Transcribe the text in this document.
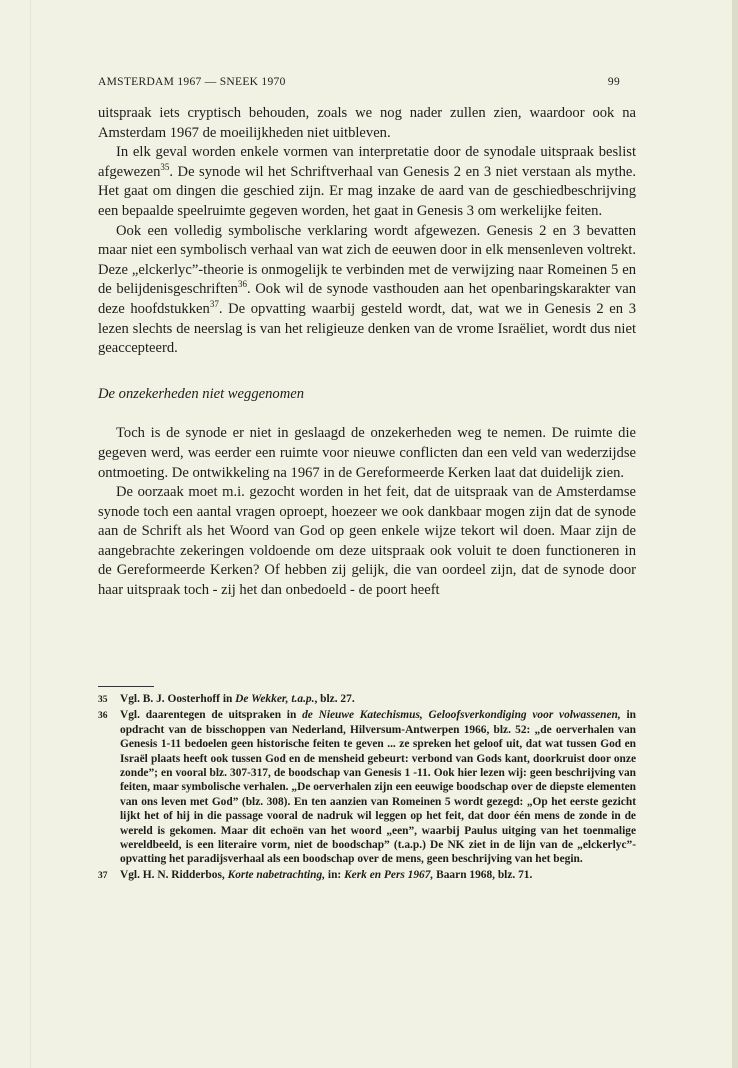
AMSTERDAM 1967 — SNEEK 1970	99

uitspraak iets cryptisch behouden, zoals we nog nader zullen zien, waardoor ook na Amsterdam 1967 de moeilijkheden niet uitbleven.

In elk geval worden enkele vormen van interpretatie door de synodale uitspraak beslist afgewezen$^{35}$. De synode wil het Schriftverhaal van Genesis 2 en 3 niet verstaan als mythe. Het gaat om dingen die geschied zijn. Er mag inzake de aard van de geschiedbeschrijving een bepaalde speelruimte gegeven worden, het gaat in Genesis 3 om werkelijke feiten.

Ook een volledig symbolische verklaring wordt afgewezen. Genesis 2 en 3 bevatten maar niet een symbolisch verhaal van wat zich de eeuwen door in elk mensenleven voltrekt. Deze „elckerlyc”-theorie is onmogelijk te verbinden met de verwijzing naar Romeinen 5 en de belijdenisgeschriften$^{36}$. Ook wil de synode vasthouden aan het openbaringskarakter van deze hoofdstukken$^{37}$. De opvatting waarbij gesteld wordt, dat, wat we in Genesis 2 en 3 lezen slechts de neerslag is van het religieuze denken van de vrome Israëliet, wordt dus niet geaccepteerd.

De onzekerheden niet weggenomen

Toch is de synode er niet in geslaagd de onzekerheden weg te nemen. De ruimte die gegeven werd, was eerder een ruimte voor nieuwe conflicten dan een veld van wederzijdse ontmoeting. De ontwikkeling na 1967 in de Gereformeerde Kerken laat dat duidelijk zien.

De oorzaak moet m.i. gezocht worden in het feit, dat de uitspraak van de Amsterdamse synode toch een aantal vragen oproept, hoezeer we ook dankbaar mogen zijn dat de synode aan de Schrift als het Woord van God op geen enkele wijze tekort wil doen. Maar zijn de aangebrachte zekeringen voldoende om deze uitspraak ook voluit te doen functioneren in de Gereformeerde Kerken? Of hebben zij gelijk, die van oordeel zijn, dat de synode door haar uitspraak toch - zij het dan onbedoeld - de poort heeft

35	Vgl. B. J. Oosterhoff in De Wekker, t.a.p., blz. 27.
36	Vgl. daarentegen de uitspraken in de Nieuwe Katechismus, Geloofsverkondiging voor volwassenen, in opdracht van de bisschoppen van Nederland, Hilversum-Antwerpen 1966, blz. 52: „de oerverhalen van Genesis 1-11 bedoelen geen historische feiten te geven ... ze spreken het geloof uit, dat wat tussen God en Israël plaats heeft ook tussen God en de mensheid gebeurt: verbond van Gods kant, doorkruist door onze zonde”; en vooral blz. 307-317, de boodschap van Genesis 1 -11. Ook hier lezen wij: geen beschrijving van feiten, maar symbolische verhalen. „De oerverhalen zijn een eeuwige boodschap over de diepste elementen van ons leven met God” (blz. 308). En ten aanzien van Romeinen 5 wordt gezegd: „Op het eerste gezicht lijkt het of hij in die passage vooral de nadruk wil leggen op het feit, dat door één mens de zonde in de wereld is gekomen. Maar dit echoën van het woord „een”, waarbij Paulus uitging van het toenmalige wereldbeeld, is een literaire vorm, niet de boodschap” (t.a.p.) De NK ziet in de lijn van de „elckerlyc”-opvatting het paradijsverhaal als een boodschap over de mens, geen beschrijving van het begin.
37	Vgl. H. N. Ridderbos, Korte nabetrachting, in: Kerk en Pers 1967, Baarn 1968, blz. 71.
